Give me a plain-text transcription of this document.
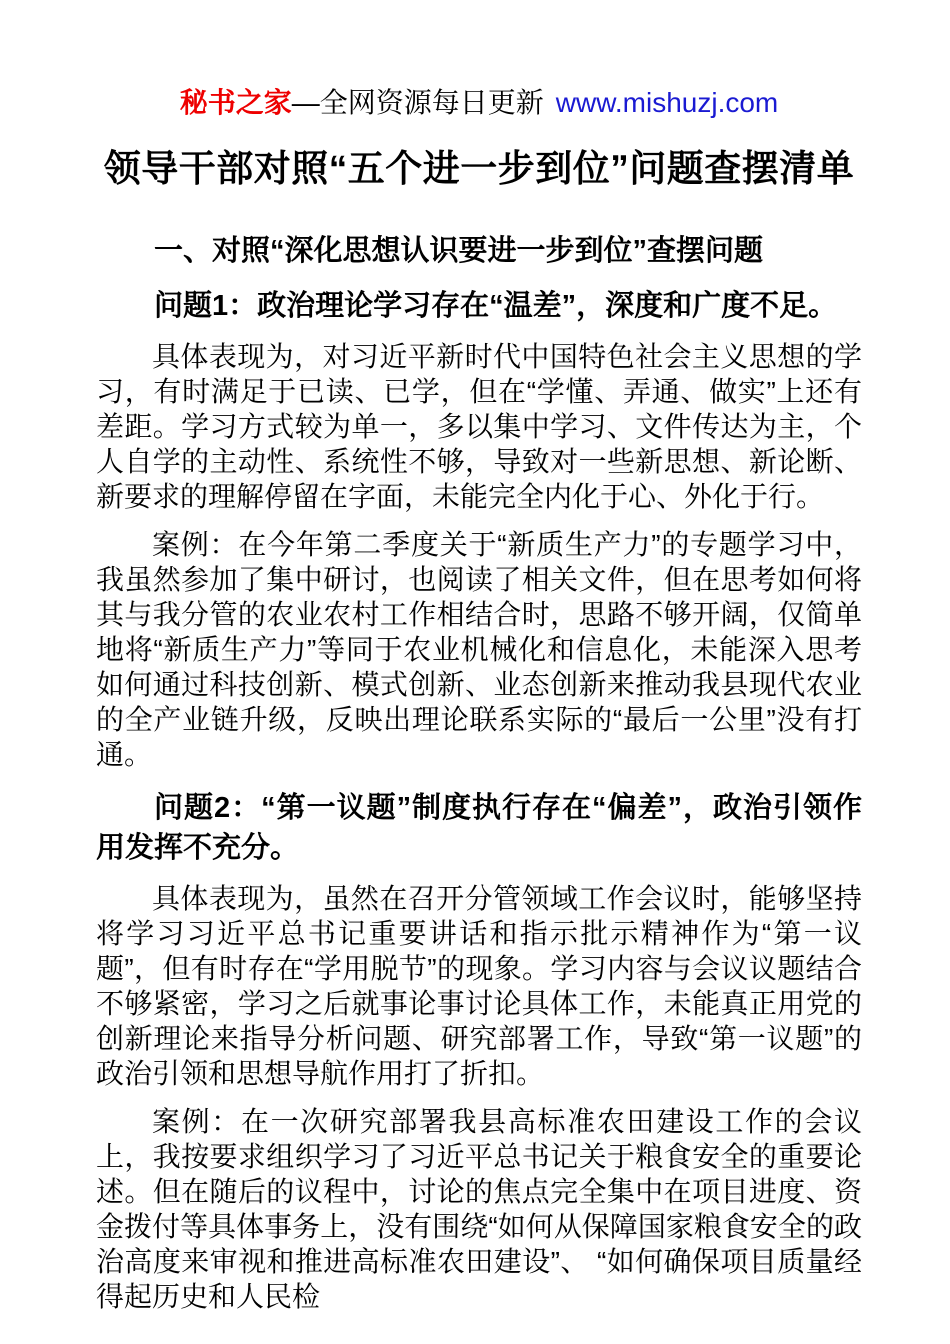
秘书之家—全网资源每日更新 www.mishuzj.com
领导干部对照“五个进一步到位”问题查摆清单
一、对照“深化思想认识要进一步到位”查摆问题
问题1：政治理论学习存在“温差”，深度和广度不足。

具体表现为，对习近平新时代中国特色社会主义思想的学习，有时满足于已读、已学，但在“学懂、弄通、做实”上还有差距。学习方式较为单一，多以集中学习、文件传达为主，个人自学的主动性、系统性不够，导致对一些新思想、新论断、新要求的理解停留在字面，未能完全内化于心、外化于行。

案例：在今年第二季度关于“新质生产力”的专题学习中，我虽然参加了集中研讨，也阅读了相关文件，但在思考如何将其与我分管的农业农村工作相结合时，思路不够开阔，仅简单地将“新质生产力”等同于农业机械化和信息化，未能深入思考如何通过科技创新、模式创新、业态创新来推动我县现代农业的全产业链升级，反映出理论联系实际的“最后一公里”没有打通。

问题2：“第一议题”制度执行存在“偏差”，政治引领作用发挥不充分。

具体表现为，虽然在召开分管领域工作会议时，能够坚持将学习习近平总书记重要讲话和指示批示精神作为“第一议题”，但有时存在“学用脱节”的现象。学习内容与会议议题结合不够紧密，学习之后就事论事讨论具体工作，未能真正用党的创新理论来指导分析问题、研究部署工作，导致“第一议题”的政治引领和思想导航作用打了折扣。

案例：在一次研究部署我县高标准农田建设工作的会议上，我按要求组织学习了习近平总书记关于粮食安全的重要论述。但在随后的议程中，讨论的焦点完全集中在项目进度、资金拨付等具体事务上，没有围绕“如何从保障国家粮食安全的政治高度来审视和推进高标准农田建设”、 “如何确保项目质量经得起历史和人民检
